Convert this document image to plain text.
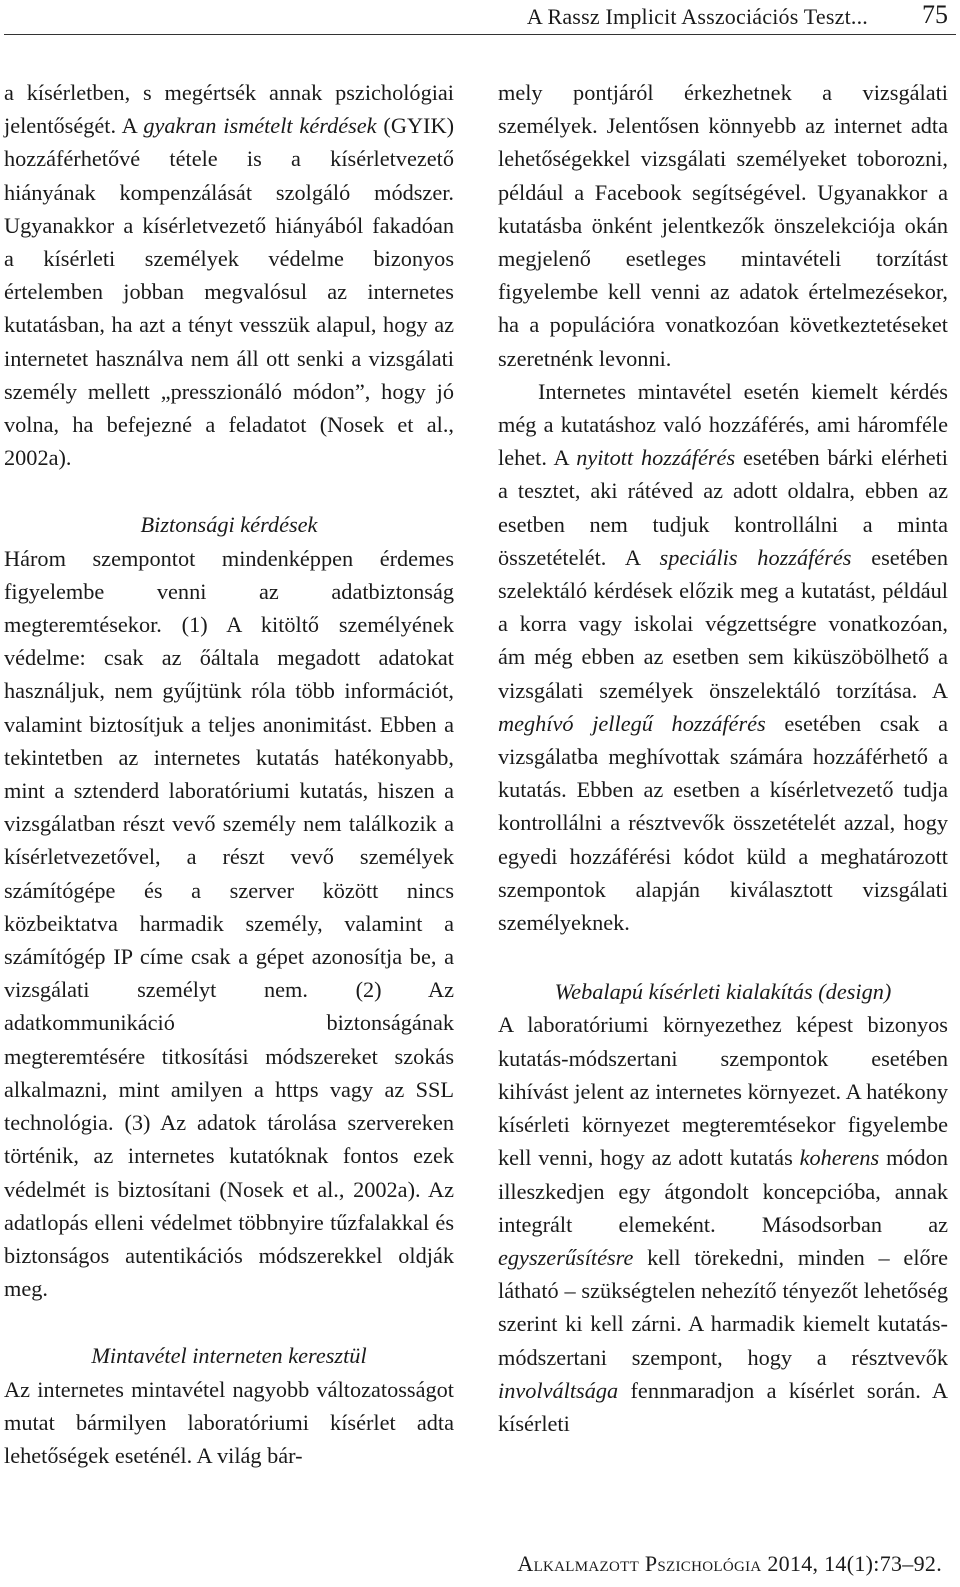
A Rassz Implicit Asszociációs Teszt... 75

a kísérletben, s megértsék annak pszichológiai jelentőségét. A gyakran ismételt kérdések (GYIK) hozzáférhetővé tétele is a kísérletvezető hiányának kompenzálását szolgáló módszer. Ugyanakkor a kísérletvezető hiányából fakadóan a kísérleti személyek védelme bizonyos értelemben jobban megvalósul az internetes kutatásban, ha azt a tényt vesszük alapul, hogy az internetet használva nem áll ott senki a vizsgálati személy mellett „presszionáló módon”, hogy jó volna, ha befejezné a feladatot (Nosek et al., 2002a).

Biztonsági kérdések

Három szempontot mindenképpen érdemes figyelembe venni az adatbiztonság megteremtésekor. (1) A kitöltő személyének védelme: csak az őáltala megadott adatokat használjuk, nem gyűjtünk róla több információt, valamint biztosítjuk a teljes anonimitást. Ebben a tekintetben az internetes kutatás hatékonyabb, mint a sztenderd laboratóriumi kutatás, hiszen a vizsgálatban részt vevő személy nem találkozik a kísérletvezetővel, a részt vevő személyek számítógépe és a szerver között nincs közbeiktatva harmadik személy, valamint a számítógép IP címe csak a gépet azonosítja be, a vizsgálati személyt nem. (2) Az adatkommunikáció biztonságának megteremtésére titkosítási módszereket szokás alkalmazni, mint amilyen a https vagy az SSL technológia. (3) Az adatok tárolása szervereken történik, az internetes kutatóknak fontos ezek védelmét is biztosítani (Nosek et al., 2002a). Az adatlopás elleni védelmet többnyire tűzfalakkal és biztonságos autentikációs módszerekkel oldják meg.

Mintavétel interneten keresztül

Az internetes mintavétel nagyobb változatosságot mutat bármilyen laboratóriumi kísérlet adta lehetőségek eseténél. A világ bár-

mely pontjáról érkezhetnek a vizsgálati személyek. Jelentősen könnyebb az internet adta lehetőségekkel vizsgálati személyeket toborozni, például a Facebook segítségével. Ugyanakkor a kutatásba önként jelentkezők önszelekciója okán megjelenő esetleges mintavételi torzítást figyelembe kell venni az adatok értelmezésekor, ha a populációra vonatkozóan következtetéseket szeretnénk levonni.

Internetes mintavétel esetén kiemelt kérdés még a kutatáshoz való hozzáférés, ami háromféle lehet. A nyitott hozzáférés esetében bárki elérheti a tesztet, aki rátéved az adott oldalra, ebben az esetben nem tudjuk kontrollálni a minta összetételét. A speciális hozzáférés esetében szelektáló kérdések előzik meg a kutatást, például a korra vagy iskolai végzettségre vonatkozóan, ám még ebben az esetben sem kiküszöbölhető a vizsgálati személyek önszelektáló torzítása. A meghívó jellegű hozzáférés esetében csak a vizsgálatba meghívottak számára hozzáférhető a kutatás. Ebben az esetben a kísérletvezető tudja kontrollálni a résztvevők összetételét azzal, hogy egyedi hozzáférési kódot küld a meghatározott szempontok alapján kiválasztott vizsgálati személyeknek.

Webalapú kísérleti kialakítás (design)

A laboratóriumi környezethez képest bizonyos kutatás-módszertani szempontok esetében kihívást jelent az internetes környezet. A hatékony kísérleti környezet megteremtésekor figyelembe kell venni, hogy az adott kutatás koherens módon illeszkedjen egy átgondolt koncepcióba, annak integrált elemeként. Másodsorban az egyszerűsítésre kell törekedni, minden – előre látható – szükségtelen nehezítő tényezőt lehetőség szerint ki kell zárni. A harmadik kiemelt kutatás-módszertani szempont, hogy a résztvevők involváltsága fennmaradjon a kísérlet során. A kísérleti

Alkalmazott Pszichológia 2014, 14(1):73–92.
